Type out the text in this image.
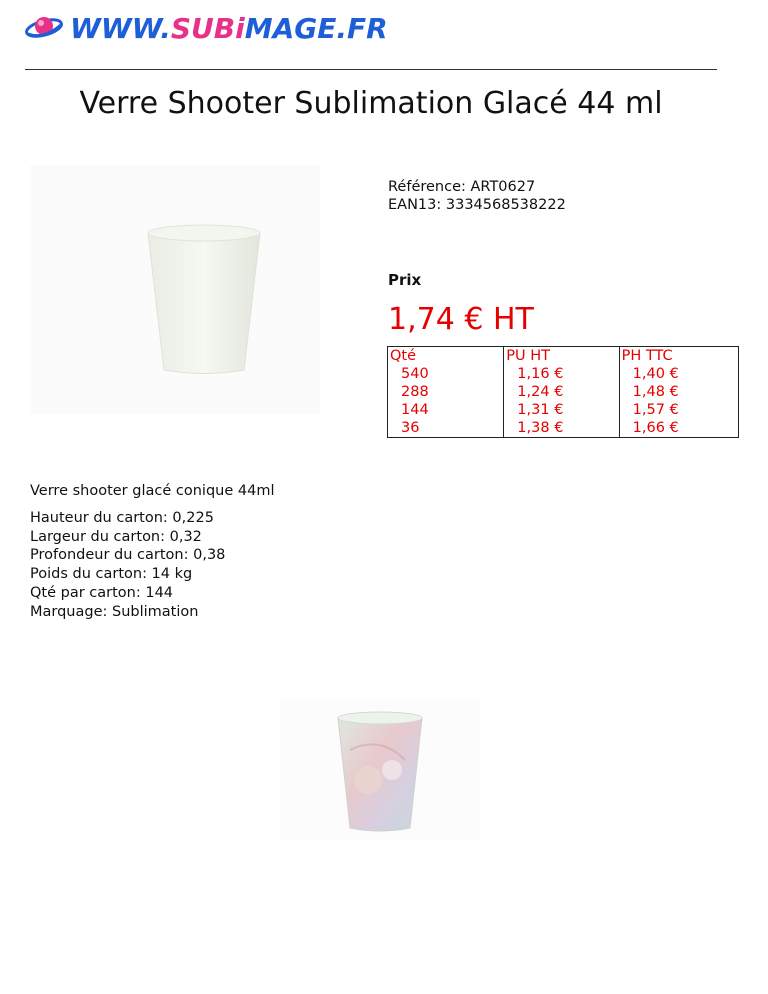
WWW.SUBiMAGE.FR
Verre Shooter Sublimation Glacé 44 ml
Référence: ART0627
EAN13: 3334568538222
Prix
1,74 € HT
Qté	PU HT	PH TTC
540	1,16 €	1,40 €
288	1,24 €	1,48 €
144	1,31 €	1,57 €
36	1,38 €	1,66 €
Verre shooter glacé conique 44ml
Hauteur du carton: 0,225
Largeur du carton: 0,32
Profondeur du carton: 0,38
Poids du carton: 14 kg
Qté par carton: 144
Marquage: Sublimation
